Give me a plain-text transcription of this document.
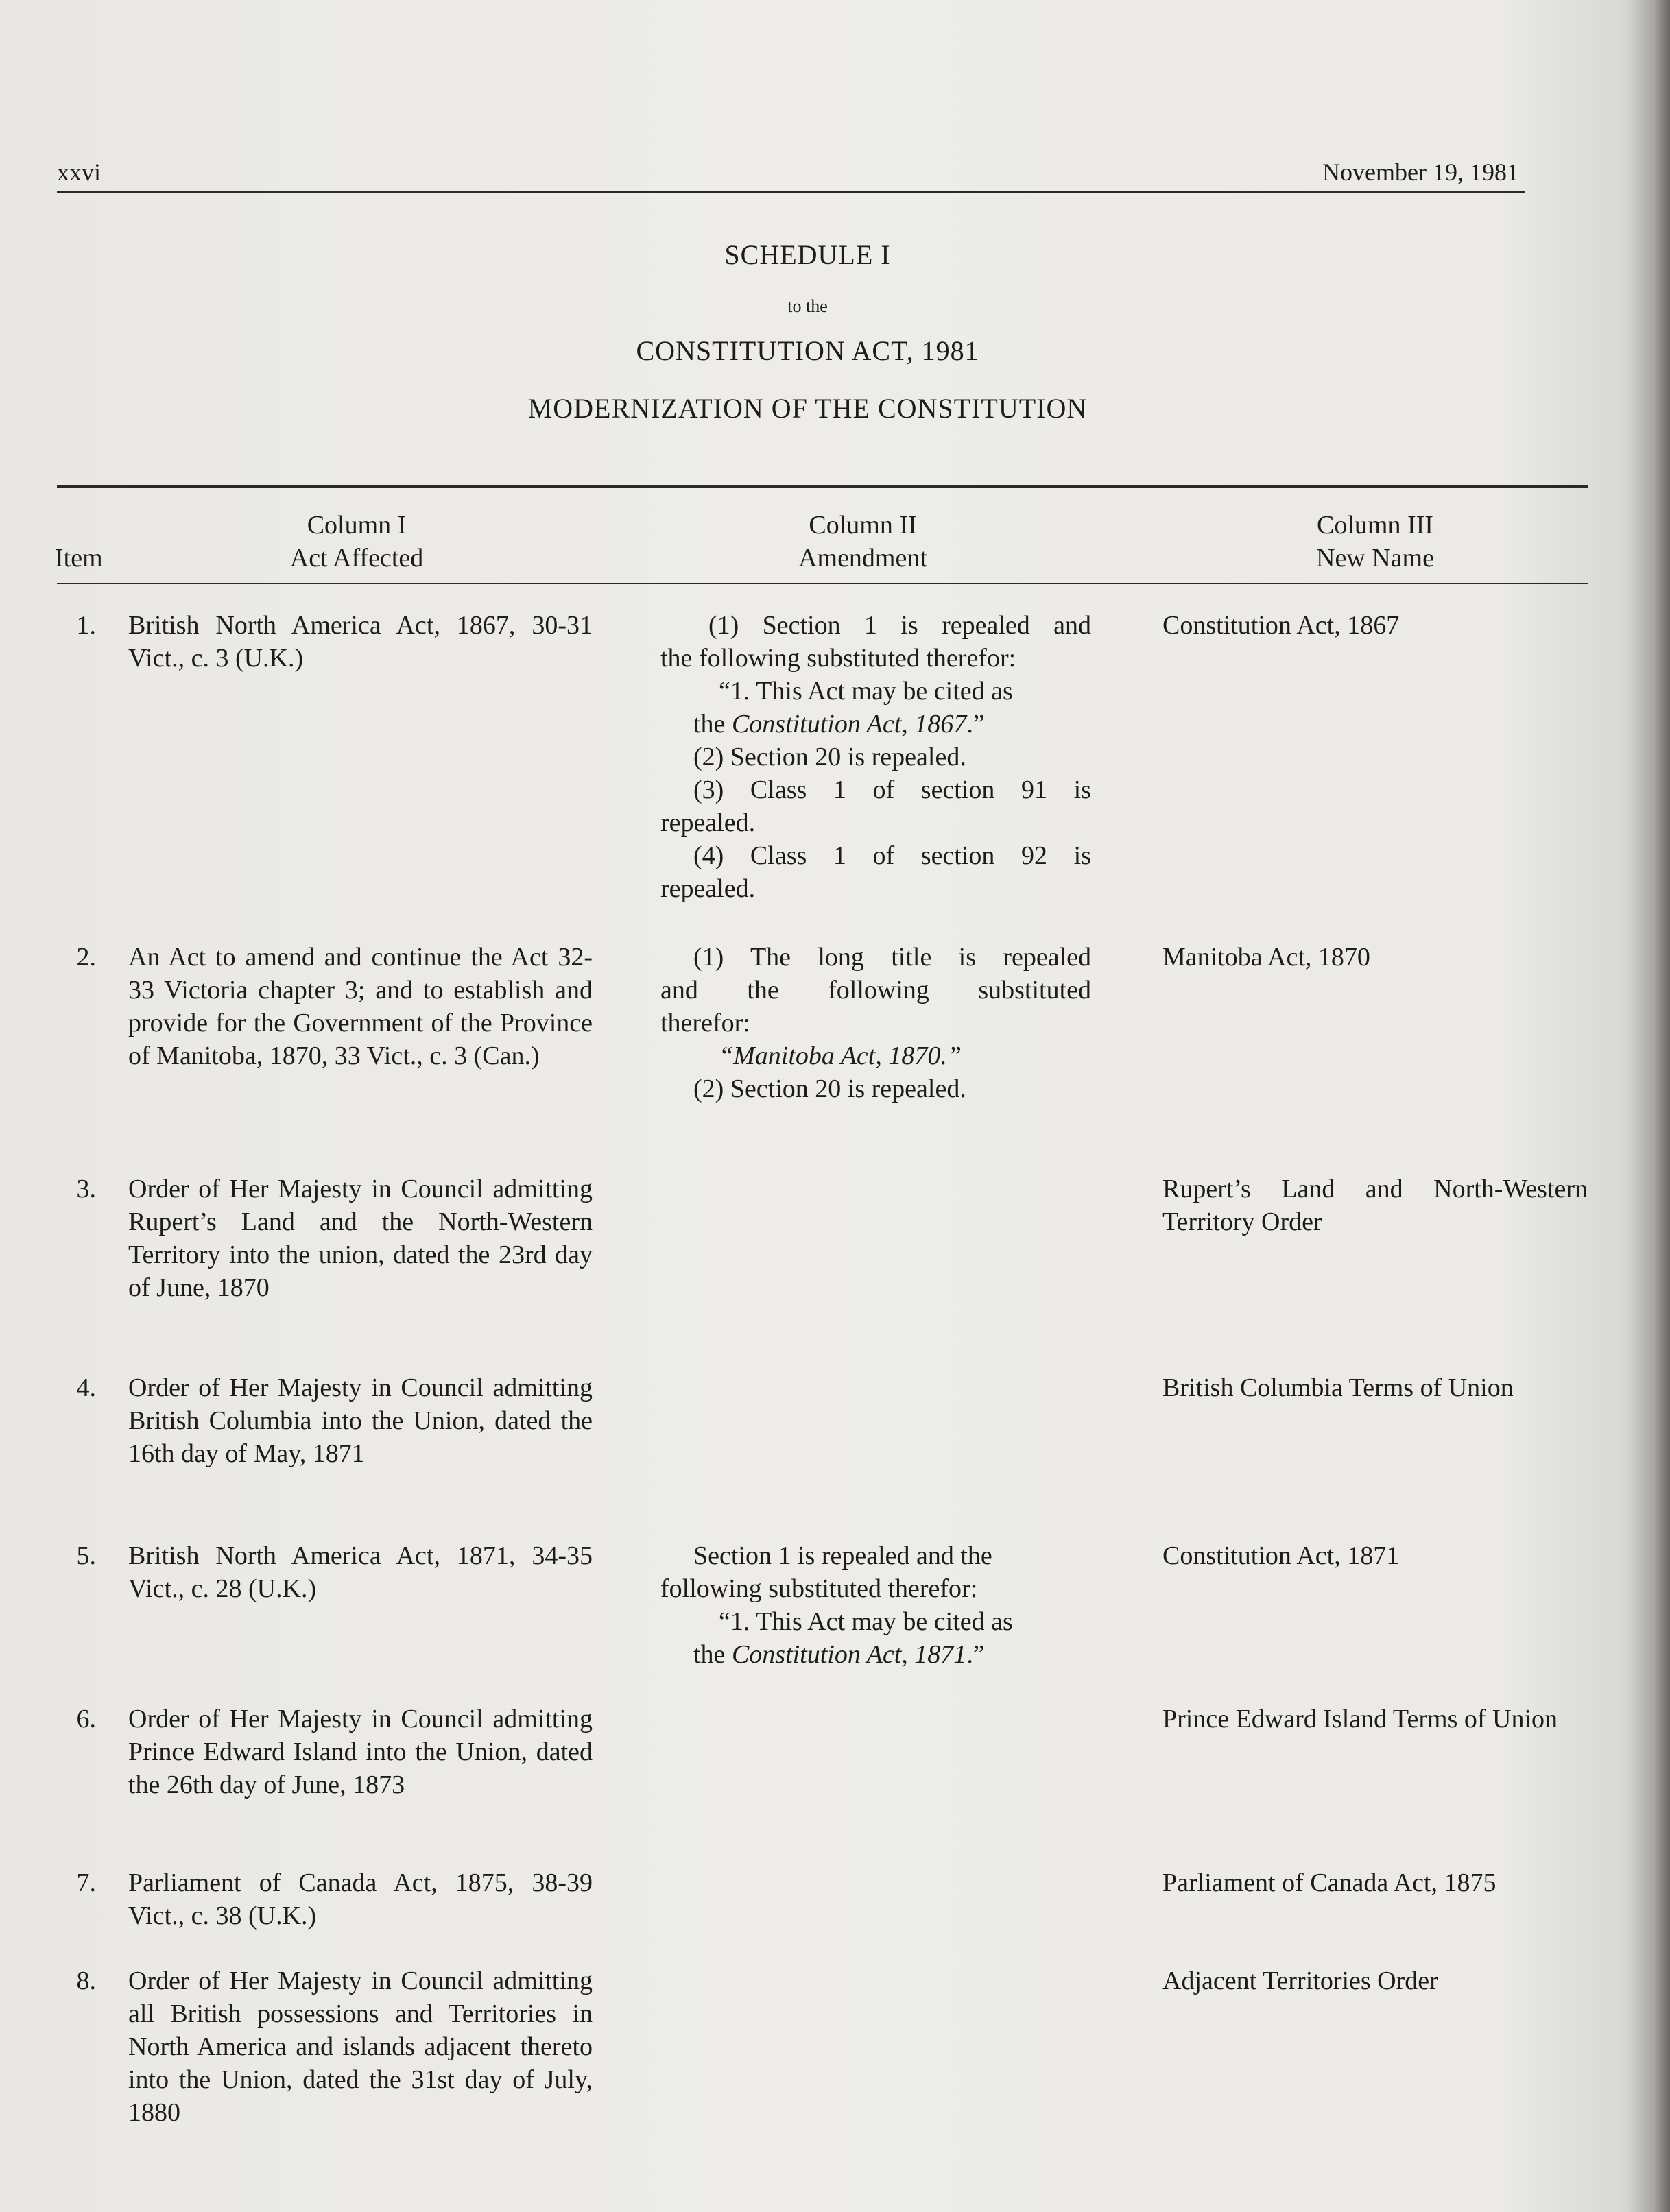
xxvi	November 19, 1981
SCHEDULE I
to the
CONSTITUTION ACT, 1981
MODERNIZATION OF THE CONSTITUTION
Item
Column I
Act Affected
Column II
Amendment
Column III
New Name
1. British North America Act, 1867, 30-31 Vict., c. 3 (U.K.)
(1) Section 1 is repealed and
the following substituted therefor:
“1. This Act may be cited as
the Constitution Act, 1867.”
(2) Section 20 is repealed.
(3) Class 1 of section 91 is
repealed.
(4) Class 1 of section 92 is
repealed.
Constitution Act, 1867
2. An Act to amend and continue the Act 32-33 Victoria chapter 3; and to establish and provide for the Government of the Province of Manitoba, 1870, 33 Vict., c. 3 (Can.)
(1) The long title is repealed
and the following substituted
therefor:
“Manitoba Act, 1870.”
(2) Section 20 is repealed.
Manitoba Act, 1870
3. Order of Her Majesty in Council admitting Rupert’s Land and the North-Western Territory into the union, dated the 23rd day of June, 1870
Rupert’s Land and North-Western Territory Order
4. Order of Her Majesty in Council admitting British Columbia into the Union, dated the 16th day of May, 1871
British Columbia Terms of Union
5. British North America Act, 1871, 34-35 Vict., c. 28 (U.K.)
Section 1 is repealed and the
following substituted therefor:
“1. This Act may be cited as
the Constitution Act, 1871.”
Constitution Act, 1871
6. Order of Her Majesty in Council admitting Prince Edward Island into the Union, dated the 26th day of June, 1873
Prince Edward Island Terms of Union
7. Parliament of Canada Act, 1875, 38-39 Vict., c. 38 (U.K.)
Parliament of Canada Act, 1875
8. Order of Her Majesty in Council admitting all British possessions and Territories in North America and islands adjacent thereto into the Union, dated the 31st day of July, 1880
Adjacent Territories Order
